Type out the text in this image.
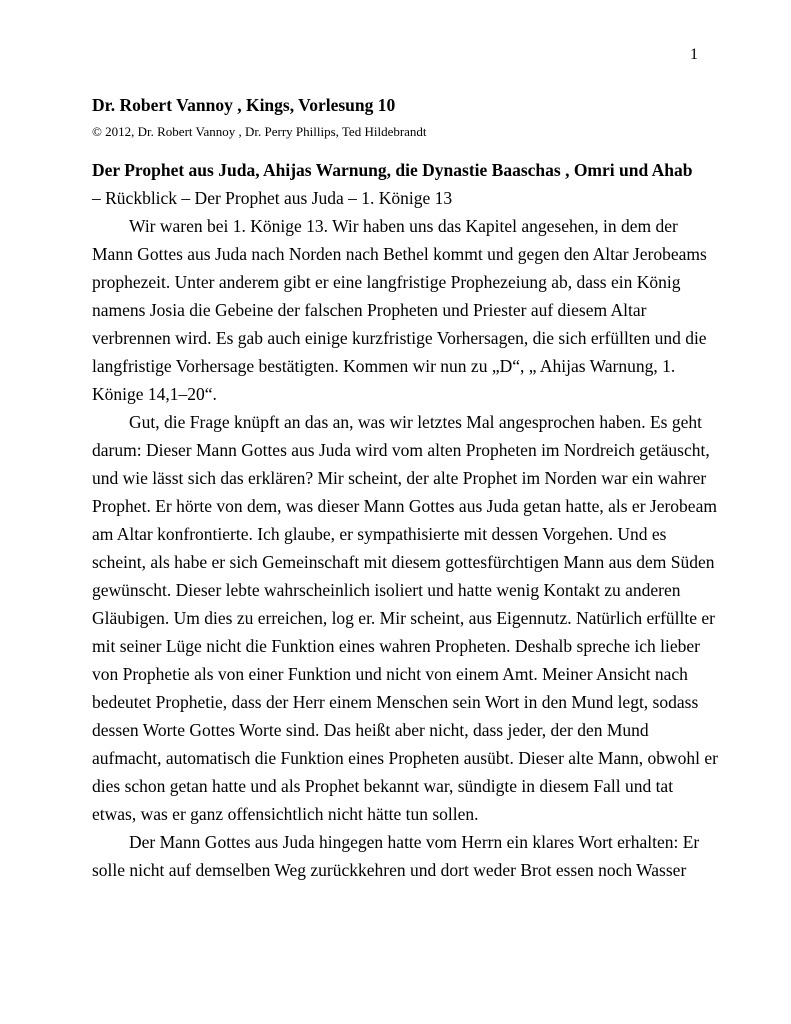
1
Dr. Robert Vannoy , Kings, Vorlesung 10
© 2012, Dr. Robert Vannoy , Dr. Perry Phillips, Ted Hildebrandt
Der Prophet aus Juda, Ahijas Warnung, die Dynastie Baaschas , Omri und Ahab
– Rückblick – Der Prophet aus Juda – 1. Könige 13
Wir waren bei 1. Könige 13. Wir haben uns das Kapitel angesehen, in dem der
Mann Gottes aus Juda nach Norden nach Bethel kommt und gegen den Altar Jerobeams
prophezeit. Unter anderem gibt er eine langfristige Prophezeiung ab, dass ein König
namens Josia die Gebeine der falschen Propheten und Priester auf diesem Altar
verbrennen wird. Es gab auch einige kurzfristige Vorhersagen, die sich erfüllten und die
langfristige Vorhersage bestätigten. Kommen wir nun zu „D“, „ Ahijas Warnung, 1.
Könige 14,1–20“.
Gut, die Frage knüpft an das an, was wir letztes Mal angesprochen haben. Es geht
darum: Dieser Mann Gottes aus Juda wird vom alten Propheten im Nordreich getäuscht,
und wie lässt sich das erklären? Mir scheint, der alte Prophet im Norden war ein wahrer
Prophet. Er hörte von dem, was dieser Mann Gottes aus Juda getan hatte, als er Jerobeam
am Altar konfrontierte. Ich glaube, er sympathisierte mit dessen Vorgehen. Und es
scheint, als habe er sich Gemeinschaft mit diesem gottesfürchtigen Mann aus dem Süden
gewünscht. Dieser lebte wahrscheinlich isoliert und hatte wenig Kontakt zu anderen
Gläubigen. Um dies zu erreichen, log er. Mir scheint, aus Eigennutz. Natürlich erfüllte er
mit seiner Lüge nicht die Funktion eines wahren Propheten. Deshalb spreche ich lieber
von Prophetie als von einer Funktion und nicht von einem Amt. Meiner Ansicht nach
bedeutet Prophetie, dass der Herr einem Menschen sein Wort in den Mund legt, sodass
dessen Worte Gottes Worte sind. Das heißt aber nicht, dass jeder, der den Mund
aufmacht, automatisch die Funktion eines Propheten ausübt. Dieser alte Mann, obwohl er
dies schon getan hatte und als Prophet bekannt war, sündigte in diesem Fall und tat
etwas, was er ganz offensichtlich nicht hätte tun sollen.
Der Mann Gottes aus Juda hingegen hatte vom Herrn ein klares Wort erhalten: Er
solle nicht auf demselben Weg zurückkehren und dort weder Brot essen noch Wasser
